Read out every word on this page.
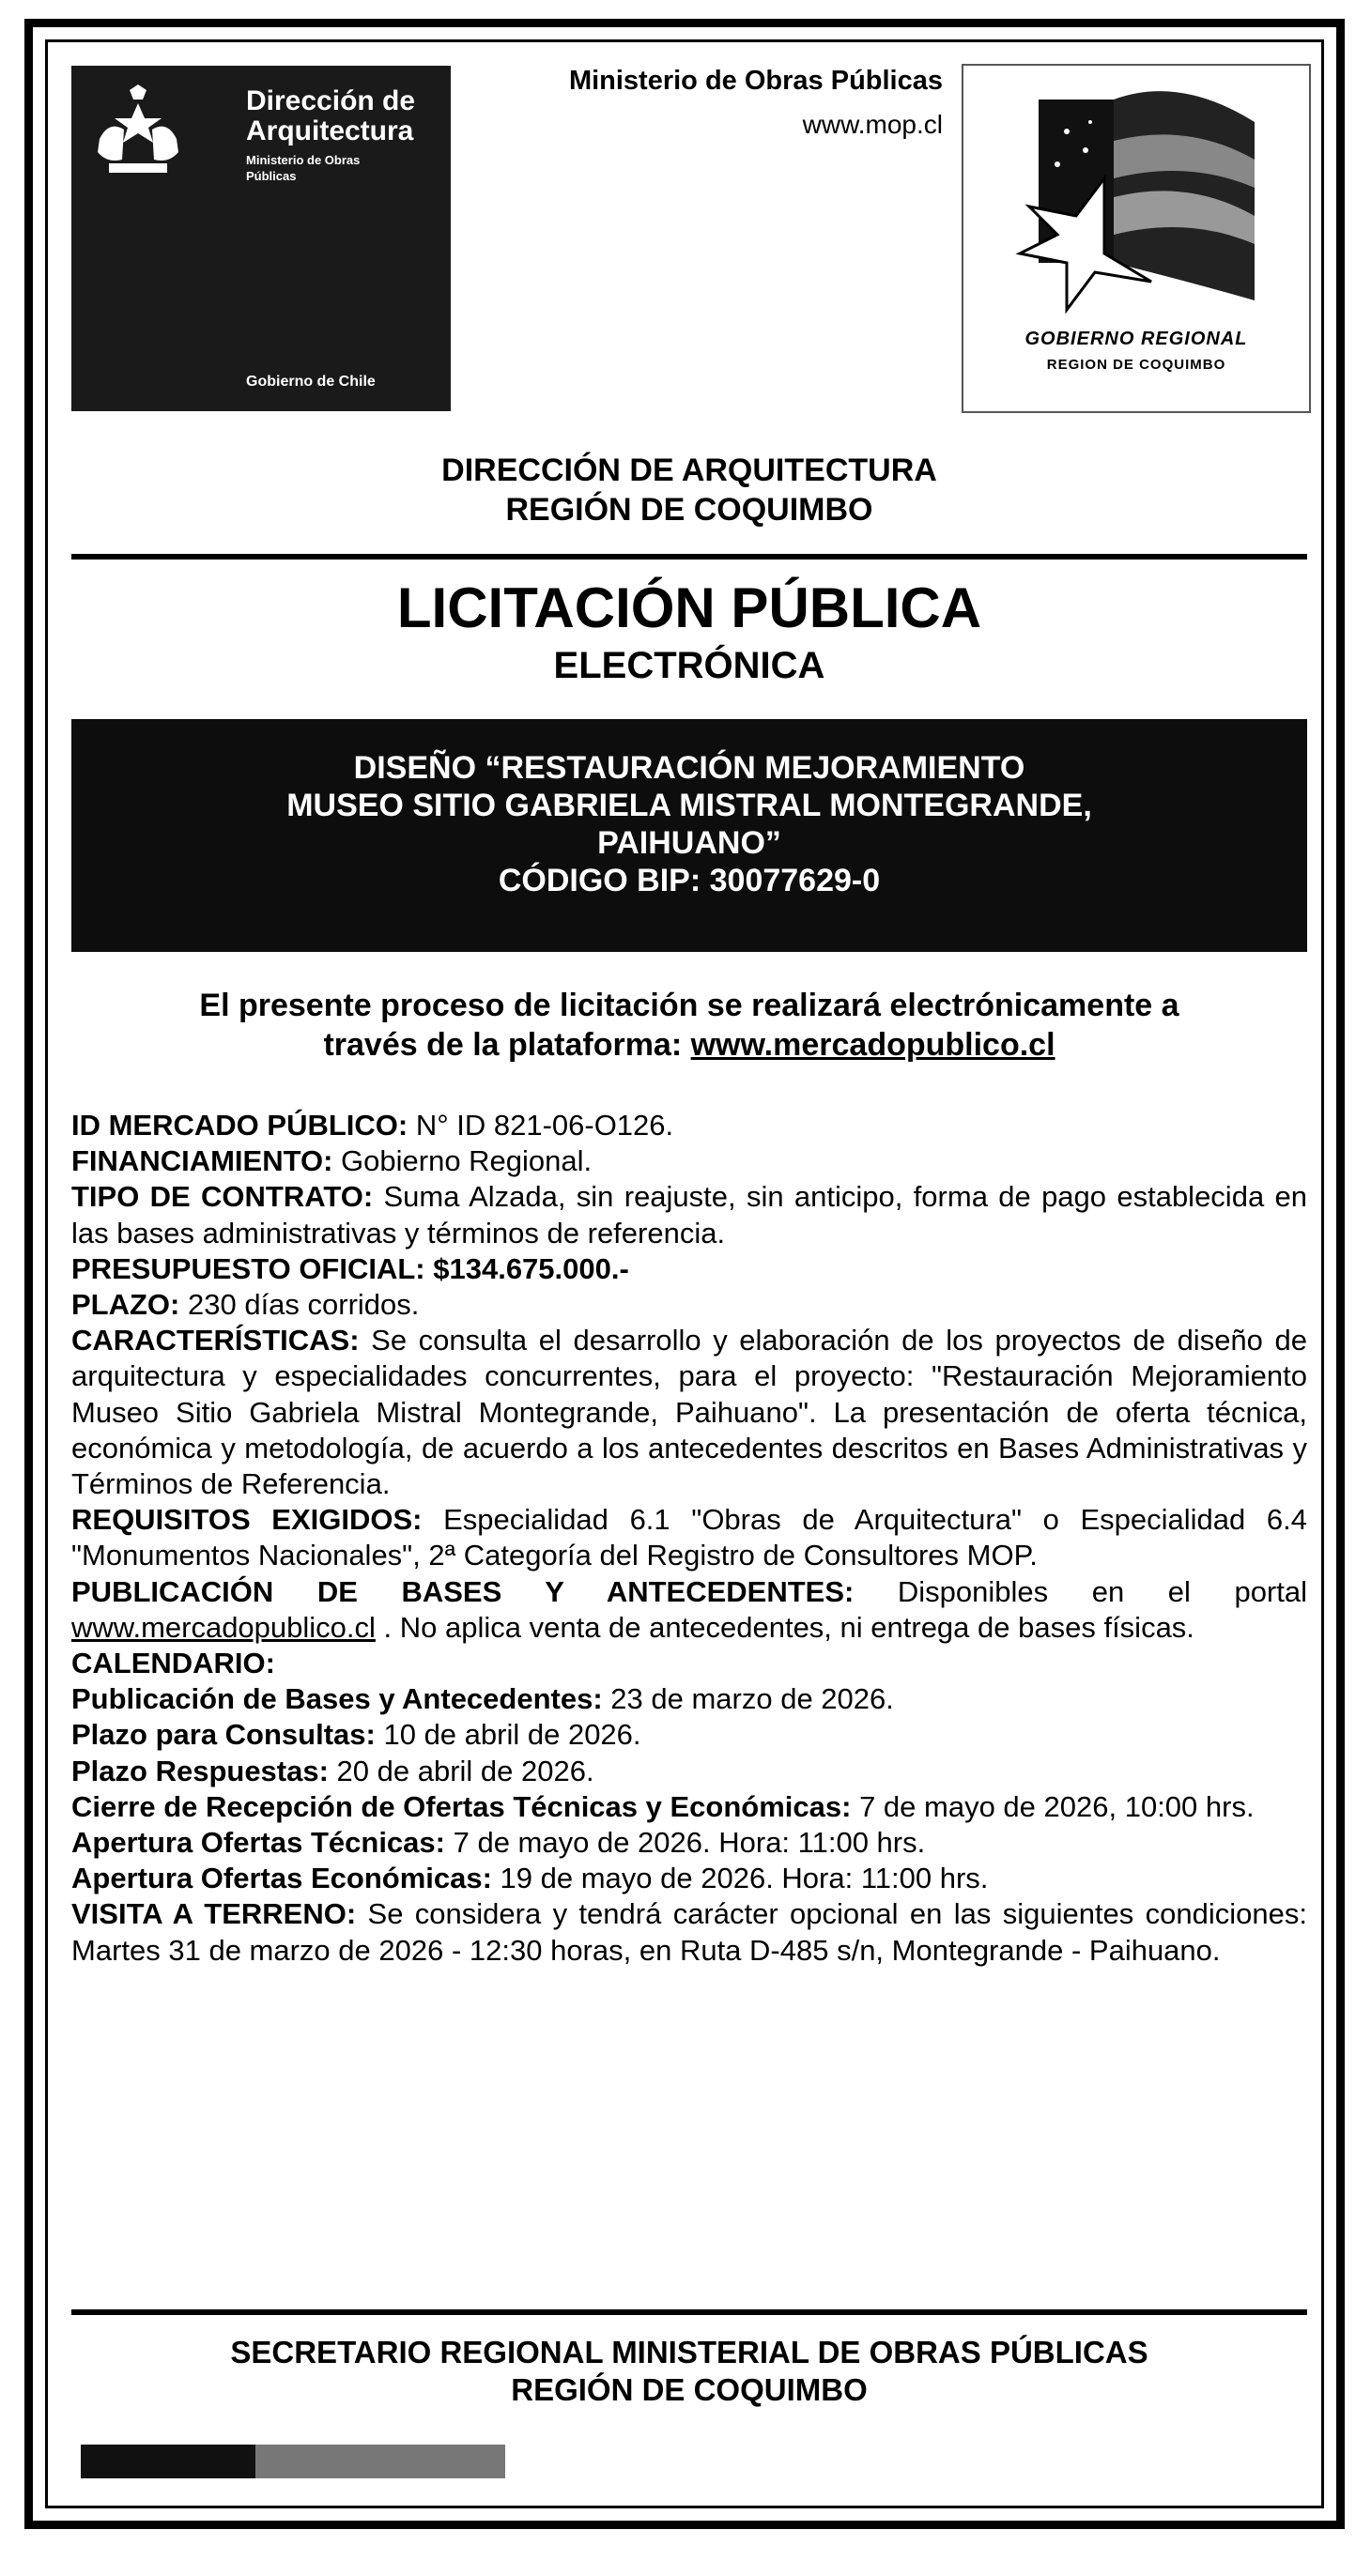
Dirección de
Arquitectura
Ministerio de Obras
Públicas
Gobierno de Chile
Ministerio de Obras Públicas
www.mop.cl
GOBIERNO REGIONAL
REGION DE COQUIMBO
DIRECCIÓN DE ARQUITECTURA
REGIÓN DE COQUIMBO
LICITACIÓN PÚBLICA
ELECTRÓNICA
DISEÑO “RESTAURACIÓN MEJORAMIENTO
MUSEO SITIO GABRIELA MISTRAL MONTEGRANDE,
PAIHUANO”
CÓDIGO BIP: 30077629-0
El presente proceso de licitación se realizará electrónicamente a
través de la plataforma: www.mercadopublico.cl

ID MERCADO PÚBLICO: N° ID 821-06-O126.

FINANCIAMIENTO: Gobierno Regional.

TIPO DE CONTRATO: Suma Alzada, sin reajuste, sin anticipo, forma de pago establecida en las bases administrativas y términos de referencia.

PRESUPUESTO OFICIAL: $134.675.000.-

PLAZO: 230 días corridos.

CARACTERÍSTICAS: Se consulta el desarrollo y elaboración de los proyectos de diseño de arquitectura y especialidades concurrentes, para el proyecto: "Restauración Mejoramiento Museo Sitio Gabriela Mistral Montegrande, Paihuano". La presentación de oferta técnica, económica y metodología, de acuerdo a los antecedentes descritos en Bases Administrativas y Términos de Referencia.

REQUISITOS EXIGIDOS: Especialidad 6.1 "Obras de Arquitectura" o Especialidad 6.4 "Monumentos Nacionales", 2ª Categoría del Registro de Consultores MOP.

PUBLICACIÓN DE BASES Y ANTECEDENTES: Disponibles en el portal www.mercadopublico.cl . No aplica venta de antecedentes, ni entrega de bases físicas.

CALENDARIO:

Publicación de Bases y Antecedentes: 23 de marzo de 2026.

Plazo para Consultas: 10 de abril de 2026.

Plazo Respuestas: 20 de abril de 2026.

Cierre de Recepción de Ofertas Técnicas y Económicas: 7 de mayo de 2026, 10:00 hrs.

Apertura Ofertas Técnicas: 7 de mayo de 2026. Hora: 11:00 hrs.

Apertura Ofertas Económicas: 19 de mayo de 2026. Hora: 11:00 hrs.

VISITA A TERRENO: Se considera y tendrá carácter opcional en las siguientes condiciones: Martes 31 de marzo de 2026 - 12:30 horas, en Ruta D-485 s/n, Montegrande - Paihuano.

SECRETARIO REGIONAL MINISTERIAL DE OBRAS PÚBLICAS
REGIÓN DE COQUIMBO
